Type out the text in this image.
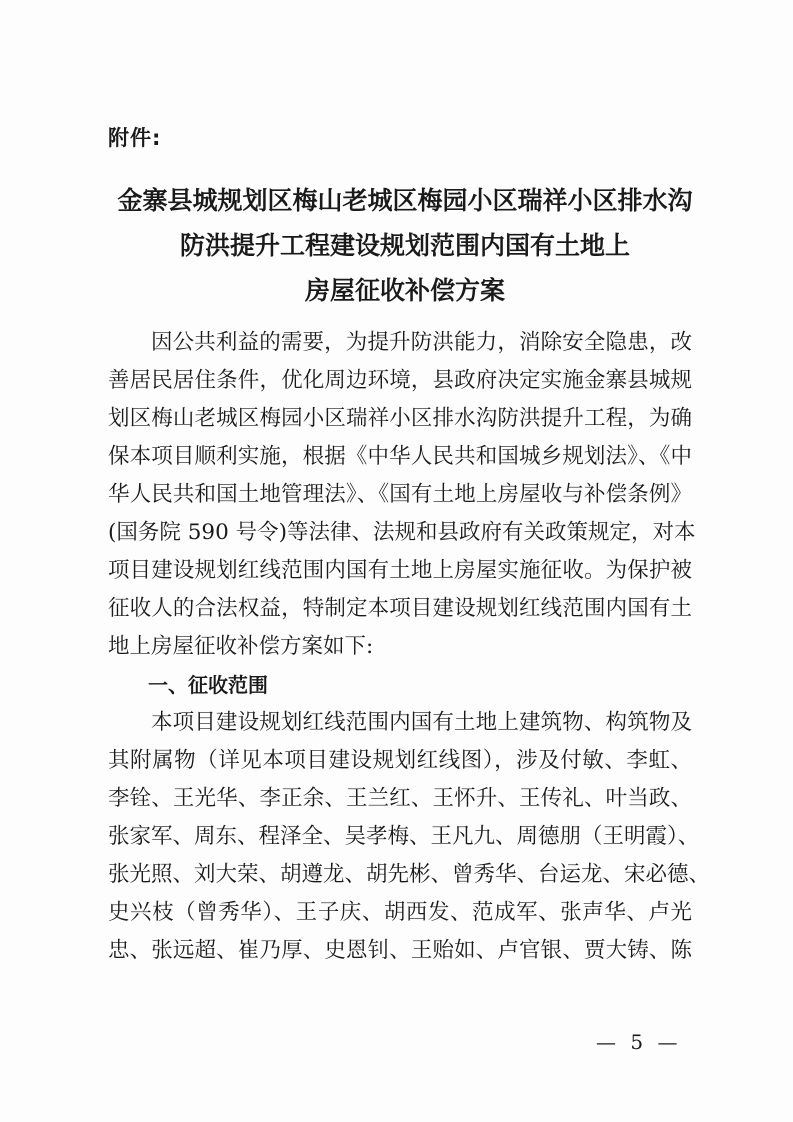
附件:
金寨县城规划区梅山老城区梅园小区瑞祥小区排水沟
防洪提升工程建设规划范围内国有土地上
房屋征收补偿方案
因公共利益的需要，为提升防洪能力，消除安全隐患，改
善居民居住条件，优化周边环境，县政府决定实施金寨县城规
划区梅山老城区梅园小区瑞祥小区排水沟防洪提升工程，为确
保本项目顺利实施，根据《中华人民共和国城乡规划法》、《中
华人民共和国土地管理法》、《国有土地上房屋收与补偿条例》
(国务院 590 号令)等法律、法规和县政府有关政策规定，对本
项目建设规划红线范围内国有土地上房屋实施征收。为保护被
征收人的合法权益，特制定本项目建设规划红线范围内国有土
地上房屋征收补偿方案如下:
一、征收范围
本项目建设规划红线范围内国有土地上建筑物、构筑物及
其附属物（详见本项目建设规划红线图），涉及付敏、李虹、
李铨、王光华、李正余、王兰红、王怀升、王传礼、叶当政、
张家军、周东、程泽全、吴孝梅、王凡九、周德朋（王明霞）、
张光照、刘大荣、胡遵龙、胡先彬、曾秀华、台运龙、宋必德、
史兴枝（曾秀华）、王子庆、胡西发、范成军、张声华、卢光
忠、张远超、崔乃厚、史恩钊、王贻如、卢官银、贾大铸、陈
— 5 —
